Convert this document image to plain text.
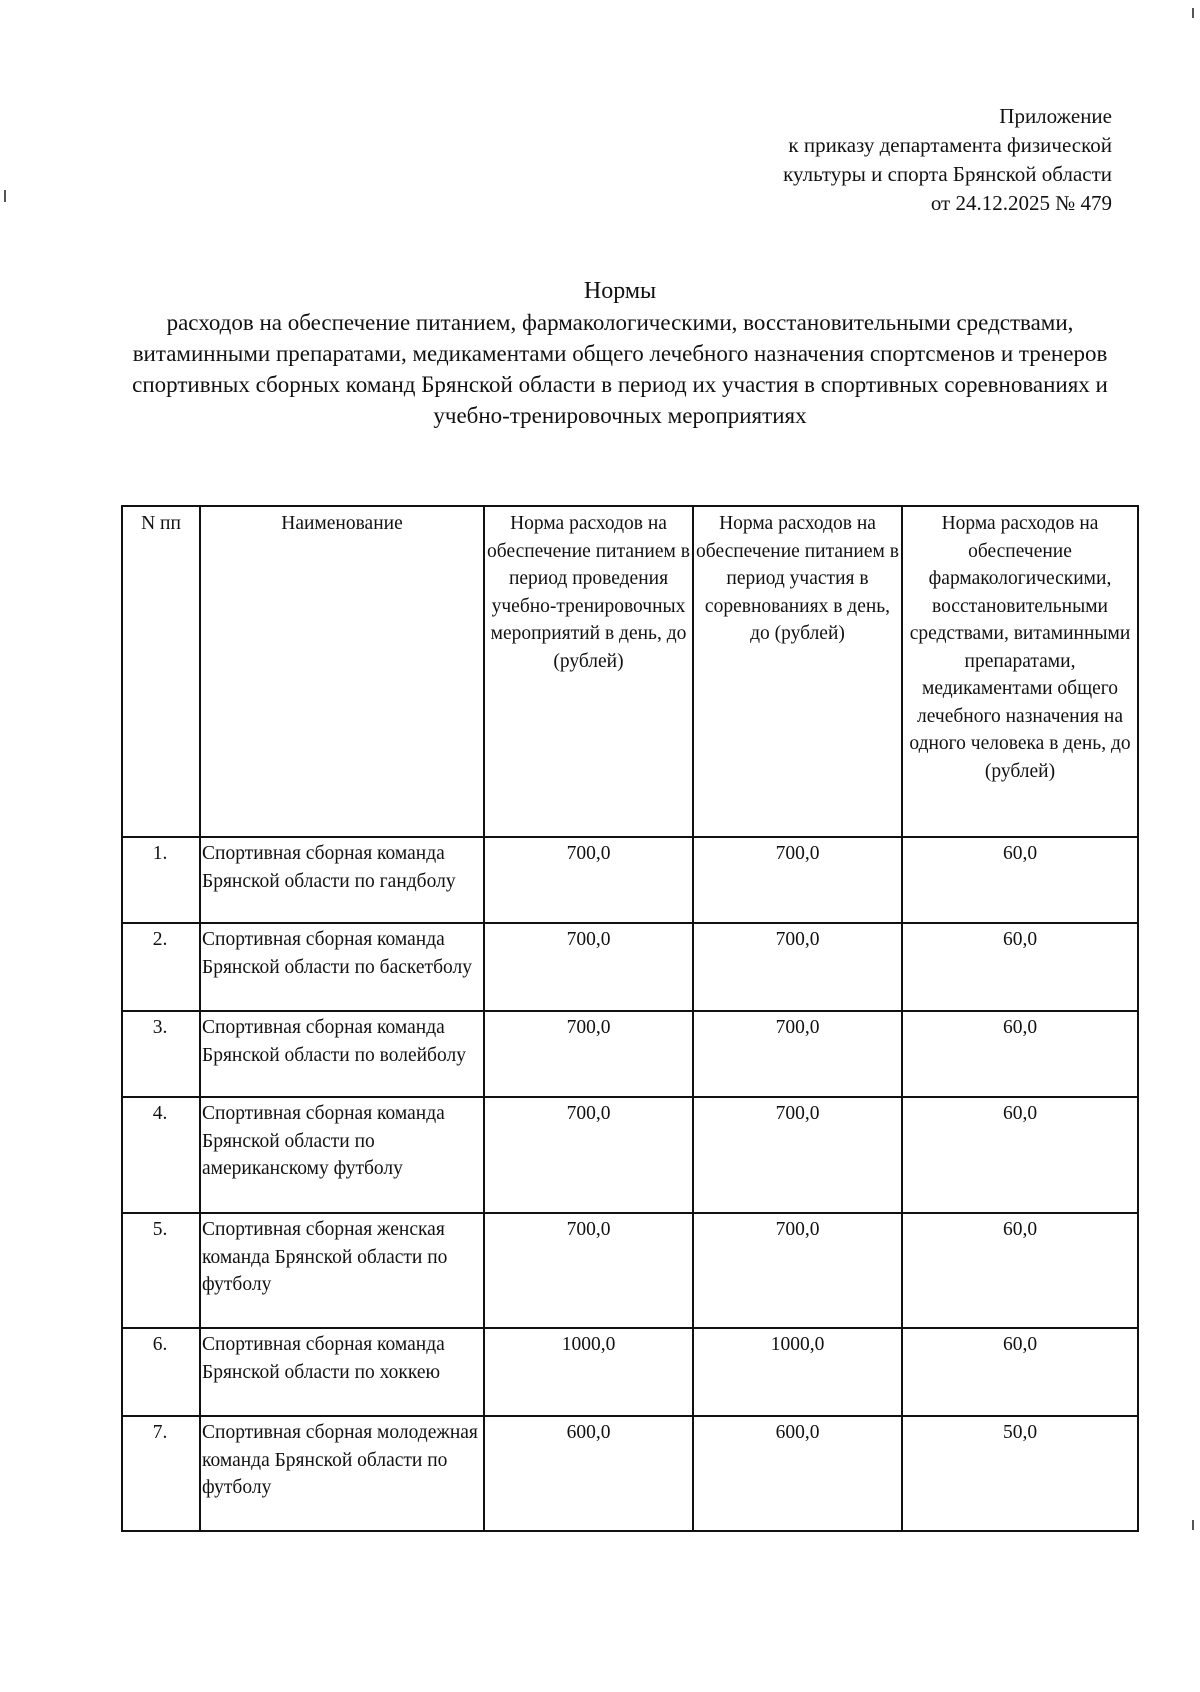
Приложение
к приказу департамента физической
культуры и спорта Брянской области
от 24.12.2025 № 479
Нормы
расходов на обеспечение питанием, фармакологическими, восстановительными средствами, витаминными препаратами, медикаментами общего лечебного назначения спортсменов и тренеров спортивных сборных команд Брянской области в период их участия в спортивных соревнованиях и учебно-тренировочных мероприятиях
N пп	Наименование	Норма расходов на обеспечение питанием в период проведения учебно-тренировочных мероприятий в день, до (рублей)	Норма расходов на обеспечение питанием в период участия в соревнованиях в день, до (рублей)	Норма расходов на обеспечение фармакологическими, восстановительными средствами, витаминными препаратами, медикаментами общего лечебного назначения на одного человека в день, до (рублей)
1.	Спортивная сборная команда Брянской области по гандболу	700,0	700,0	60,0
2.	Спортивная сборная команда Брянской области по баскетболу	700,0	700,0	60,0
3.	Спортивная сборная команда Брянской области по волейболу	700,0	700,0	60,0
4.	Спортивная сборная команда Брянской области по американскому футболу	700,0	700,0	60,0
5.	Спортивная сборная женская команда Брянской области по футболу	700,0	700,0	60,0
6.	Спортивная сборная команда Брянской области по хоккею	1000,0	1000,0	60,0
7.	Спортивная сборная молодежная команда Брянской области по футболу	600,0	600,0	50,0
